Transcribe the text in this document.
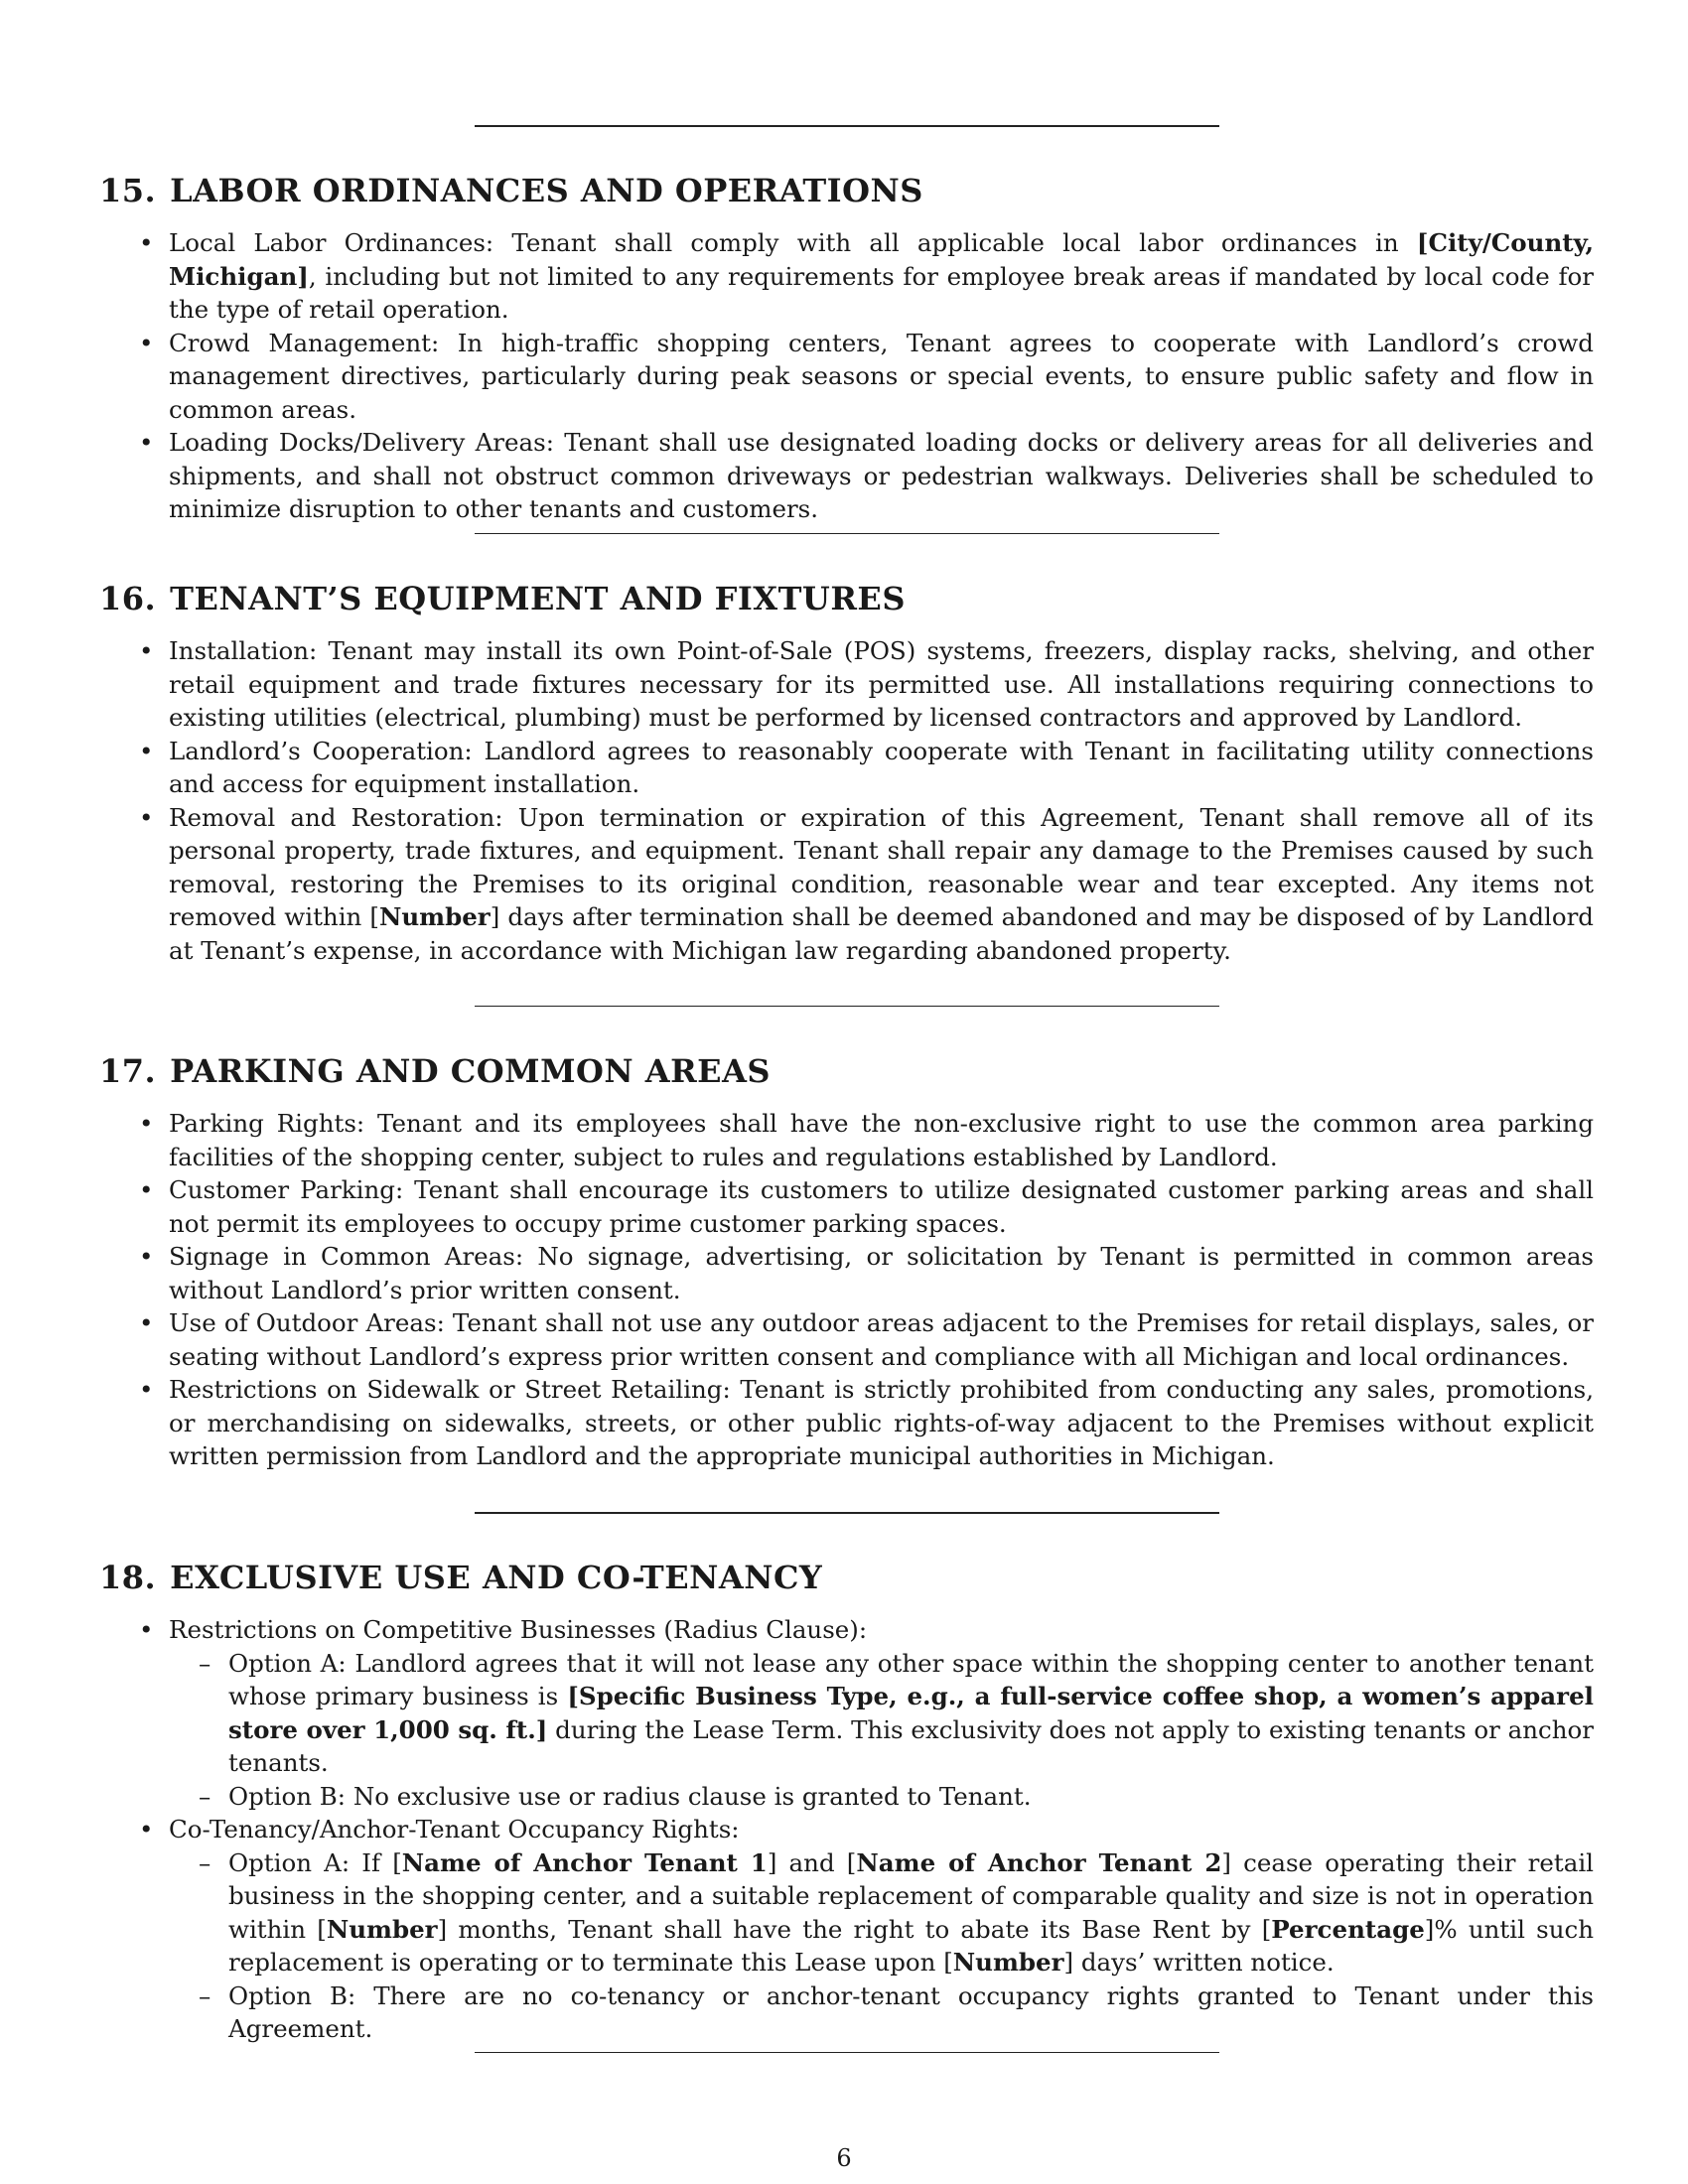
15. LABOR ORDINANCES AND OPERATIONS
• Local Labor Ordinances: Tenant shall comply with all applicable local labor ordinances in [City/County, Michigan], including but not limited to any requirements for employee break areas if mandated by local code for the type of retail operation.
• Crowd Management: In high-traffic shopping centers, Tenant agrees to cooperate with Landlord’s crowd management directives, particularly during peak seasons or special events, to ensure public safety and flow in common areas.
• Loading Docks/Delivery Areas: Tenant shall use designated loading docks or delivery areas for all deliveries and shipments, and shall not obstruct common driveways or pedestrian walkways. Deliveries shall be scheduled to minimize disruption to other tenants and customers.
16. TENANT’S EQUIPMENT AND FIXTURES
• Installation: Tenant may install its own Point-of-Sale (POS) systems, freezers, display racks, shelving, and other retail equipment and trade fixtures necessary for its permitted use. All installations requiring connections to existing utilities (electrical, plumbing) must be performed by licensed contractors and approved by Landlord.
• Landlord’s Cooperation: Landlord agrees to reasonably cooperate with Tenant in facilitating utility connections and access for equipment installation.
• Removal and Restoration: Upon termination or expiration of this Agreement, Tenant shall remove all of its personal property, trade fixtures, and equipment. Tenant shall repair any damage to the Premises caused by such removal, restoring the Premises to its original condition, reasonable wear and tear excepted. Any items not removed within [Number] days after termination shall be deemed abandoned and may be disposed of by Landlord at Tenant’s expense, in accordance with Michigan law regarding abandoned property.
17. PARKING AND COMMON AREAS
• Parking Rights: Tenant and its employees shall have the non-exclusive right to use the common area parking facilities of the shopping center, subject to rules and regulations established by Landlord.
• Customer Parking: Tenant shall encourage its customers to utilize designated customer parking areas and shall not permit its employees to occupy prime customer parking spaces.
• Signage in Common Areas: No signage, advertising, or solicitation by Tenant is permitted in common areas without Landlord’s prior written consent.
• Use of Outdoor Areas: Tenant shall not use any outdoor areas adjacent to the Premises for retail displays, sales, or seating without Landlord’s express prior written consent and compliance with all Michigan and local ordinances.
• Restrictions on Sidewalk or Street Retailing: Tenant is strictly prohibited from conducting any sales, promotions, or merchandising on sidewalks, streets, or other public rights-of-way adjacent to the Premises without explicit written permission from Landlord and the appropriate municipal authorities in Michigan.
18. EXCLUSIVE USE AND CO-TENANCY
• Restrictions on Competitive Businesses (Radius Clause):
– Option A: Landlord agrees that it will not lease any other space within the shopping center to another tenant whose primary business is [Specific Business Type, e.g., a full-service coffee shop, a women’s apparel store over 1,000 sq. ft.] during the Lease Term. This exclusivity does not apply to existing tenants or anchor tenants.
– Option B: No exclusive use or radius clause is granted to Tenant.
• Co-Tenancy/Anchor-Tenant Occupancy Rights:
– Option A: If [Name of Anchor Tenant 1] and [Name of Anchor Tenant 2] cease operating their retail business in the shopping center, and a suitable replacement of comparable quality and size is not in operation within [Number] months, Tenant shall have the right to abate its Base Rent by [Percentage]% until such replacement is operating or to terminate this Lease upon [Number] days’ written notice.
– Option B: There are no co-tenancy or anchor-tenant occupancy rights granted to Tenant under this Agreement.
6
